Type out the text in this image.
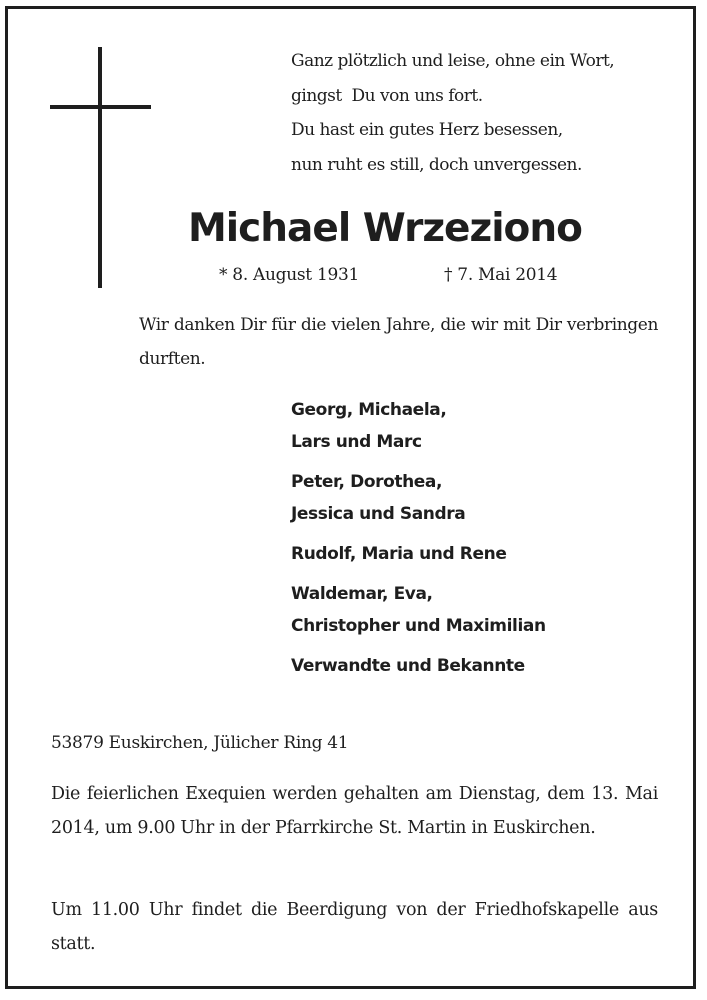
Ganz plötzlich und leise, ohne ein Wort,
gingst  Du von uns fort.
Du hast ein gutes Herz besessen,
nun ruht es still, doch unvergessen.
Michael Wrzeziono
* 8. August 1931	† 7. Mai 2014
Wir danken Dir für die vielen Jahre, die wir mit Dir verbringen durften.
Georg, Michaela,
Lars und Marc
Peter, Dorothea,
Jessica und Sandra
Rudolf, Maria und Rene
Waldemar, Eva,
Christopher und Maximilian
Verwandte und Bekannte
53879 Euskirchen, Jülicher Ring 41
Die feierlichen Exequien werden gehalten am Dienstag, dem 13. Mai 2014, um 9.00 Uhr in der Pfarrkirche St. Martin in Euskirchen.
Um 11.00 Uhr findet die Beerdigung von der Friedhofskapelle aus statt.
